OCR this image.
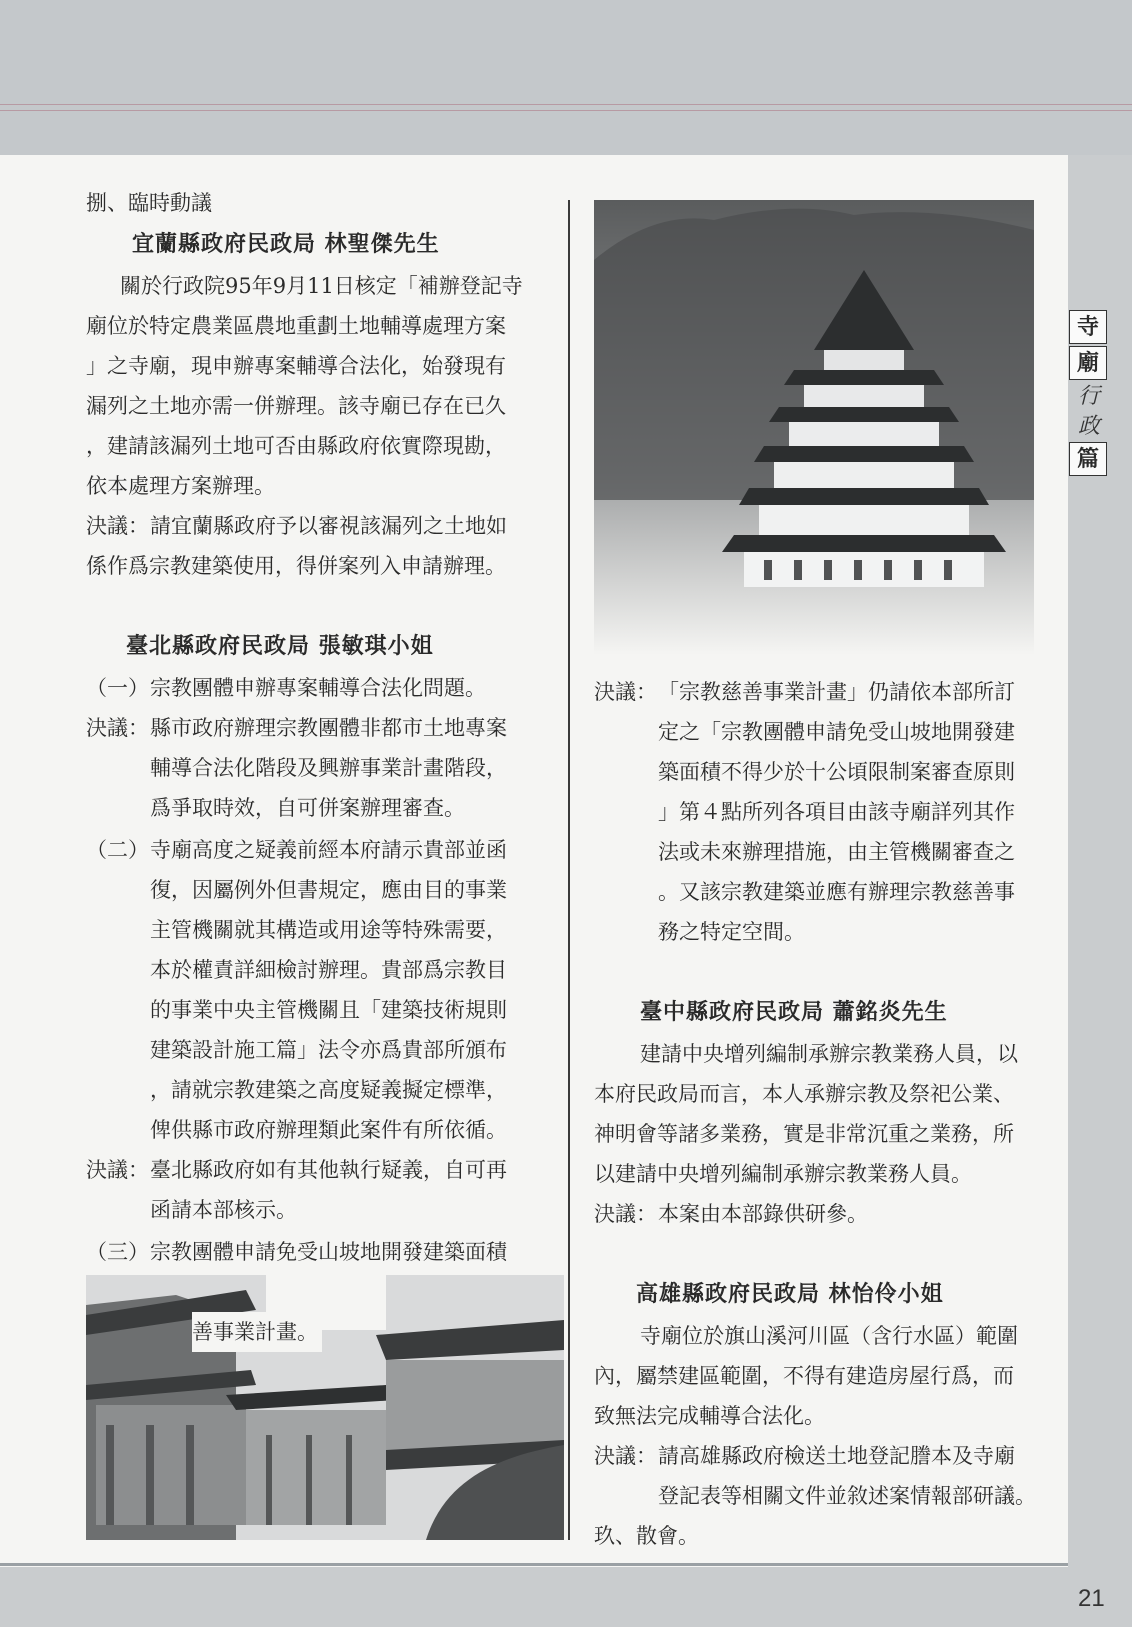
捌、臨時動議
宜蘭縣政府民政局 林聖傑先生
關於行政院95年9月11日核定「補辦登記寺
廟位於特定農業區農地重劃土地輔導處理方案
」之寺廟，現申辦專案輔導合法化，始發現有
漏列之土地亦需一併辦理。該寺廟已存在已久
，建請該漏列土地可否由縣政府依實際現勘，
依本處理方案辦理。
決議： 請宜蘭縣政府予以審視該漏列之土地如
係作爲宗教建築使用，得併案列入申請辦理。
臺北縣政府民政局 張敏琪小姐
（一） 宗教團體申辦專案輔導合法化問題。
決議： 縣市政府辦理宗教團體非都市土地專案
輔導合法化階段及興辦事業計畫階段，
爲爭取時效，自可併案辦理審查。
（二） 寺廟高度之疑義前經本府請示貴部並函
復，因屬例外但書規定，應由目的事業
主管機關就其構造或用途等特殊需要，
本於權責詳細檢討辦理。貴部爲宗教目
的事業中央主管機關且「建築技術規則
建築設計施工篇」法令亦爲貴部所頒布
，請就宗教建築之高度疑義擬定標準，
俾供縣市政府辦理類此案件有所依循。
決議： 臺北縣政府如有其他執行疑義，自可再
函請本部核示。
（三） 宗教團體申請免受山坡地開發建築面積
善事業計畫。
決議： 「宗教慈善事業計畫」仍請依本部所訂
定之「宗教團體申請免受山坡地開發建
築面積不得少於十公頃限制案審查原則
」第４點所列各項目由該寺廟詳列其作
法或未來辦理措施，由主管機關審查之
。又該宗教建築並應有辦理宗教慈善事
務之特定空間。
臺中縣政府民政局 蕭銘炎先生
建請中央增列編制承辦宗教業務人員，以
本府民政局而言，本人承辦宗教及祭祀公業、
神明會等諸多業務，實是非常沉重之業務，所
以建請中央增列編制承辦宗教業務人員。
決議： 本案由本部錄供研參。
高雄縣政府民政局 林怡伶小姐
寺廟位於旗山溪河川區（含行水區）範圍
內，屬禁建區範圍，不得有建造房屋行爲，而
致無法完成輔導合法化。
決議： 請高雄縣政府檢送土地登記謄本及寺廟
登記表等相關文件並敘述案情報部研議。
玖、散會。
寺
廟
行政
篇
21
